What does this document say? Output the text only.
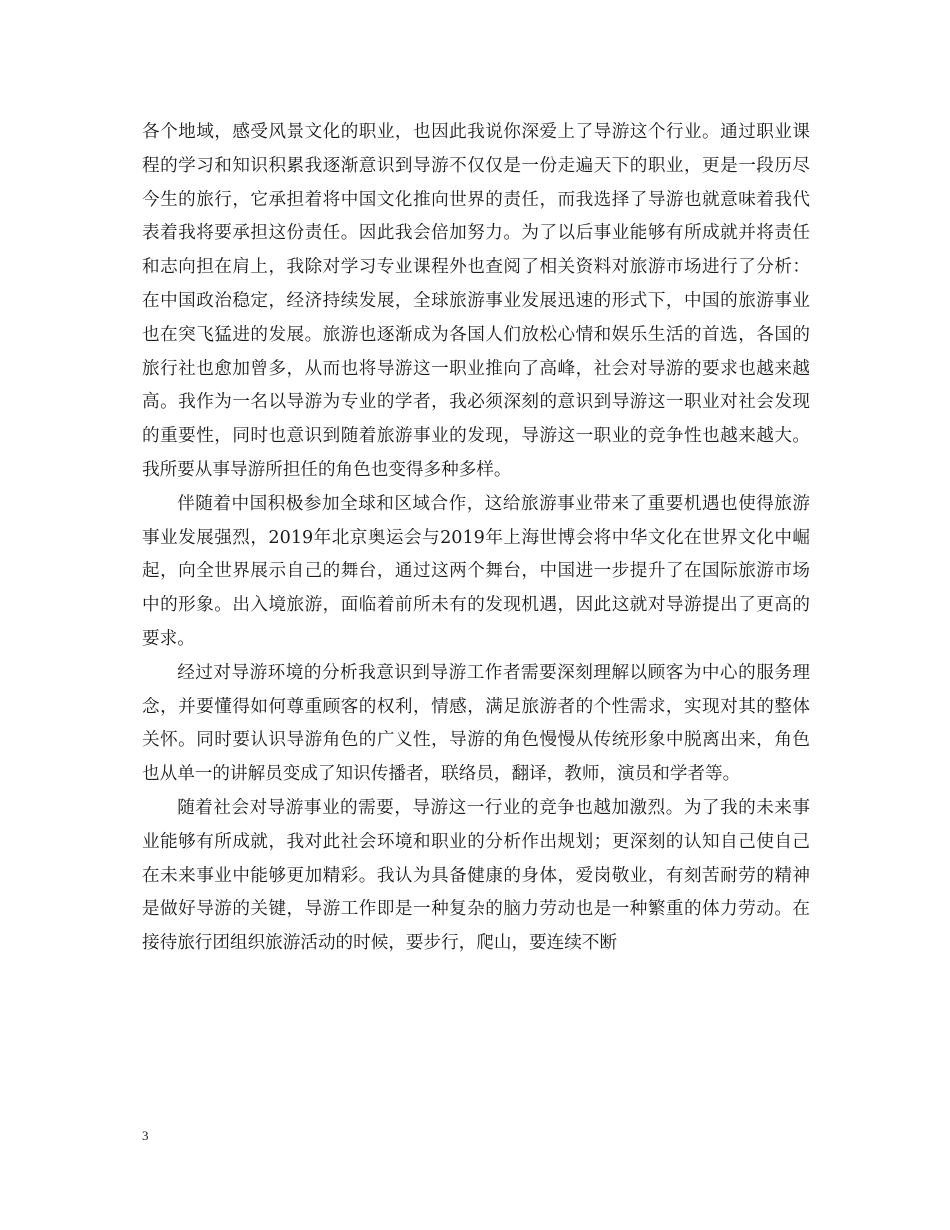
各个地域，感受风景文化的职业，也因此我说你深爱上了导游这个行业。通过职业课程的学习和知识积累我逐渐意识到导游不仅仅是一份走遍天下的职业，更是一段历尽今生的旅行，它承担着将中国文化推向世界的责任，而我选择了导游也就意味着我代表着我将要承担这份责任。因此我会倍加努力。为了以后事业能够有所成就并将责任和志向担在肩上，我除对学习专业课程外也查阅了相关资料对旅游市场进行了分析：在中国政治稳定，经济持续发展，全球旅游事业发展迅速的形式下，中国的旅游事业也在突飞猛进的发展。旅游也逐渐成为各国人们放松心情和娱乐生活的首选，各国的旅行社也愈加曾多，从而也将导游这一职业推向了高峰，社会对导游的要求也越来越高。我作为一名以导游为专业的学者，我必须深刻的意识到导游这一职业对社会发现的重要性，同时也意识到随着旅游事业的发现，导游这一职业的竞争性也越来越大。我所要从事导游所担任的角色也变得多种多样。

伴随着中国积极参加全球和区域合作，这给旅游事业带来了重要机遇也使得旅游事业发展强烈，2019年北京奥运会与2019年上海世博会将中华文化在世界文化中崛起，向全世界展示自己的舞台，通过这两个舞台，中国进一步提升了在国际旅游市场中的形象。出入境旅游，面临着前所未有的发现机遇，因此这就对导游提出了更高的要求。

经过对导游环境的分析我意识到导游工作者需要深刻理解以顾客为中心的服务理念，并要懂得如何尊重顾客的权利，情感，满足旅游者的个性需求，实现对其的整体关怀。同时要认识导游角色的广义性，导游的角色慢慢从传统形象中脱离出来，角色也从单一的讲解员变成了知识传播者，联络员，翻译，教师，演员和学者等。

随着社会对导游事业的需要，导游这一行业的竞争也越加激烈。为了我的未来事业能够有所成就，我对此社会环境和职业的分析作出规划；更深刻的认知自己使自己在未来事业中能够更加精彩。我认为具备健康的身体，爱岗敬业，有刻苦耐劳的精神是做好导游的关键，导游工作即是一种复杂的脑力劳动也是一种繁重的体力劳动。在接待旅行团组织旅游活动的时候，要步行，爬山，要连续不断

3
